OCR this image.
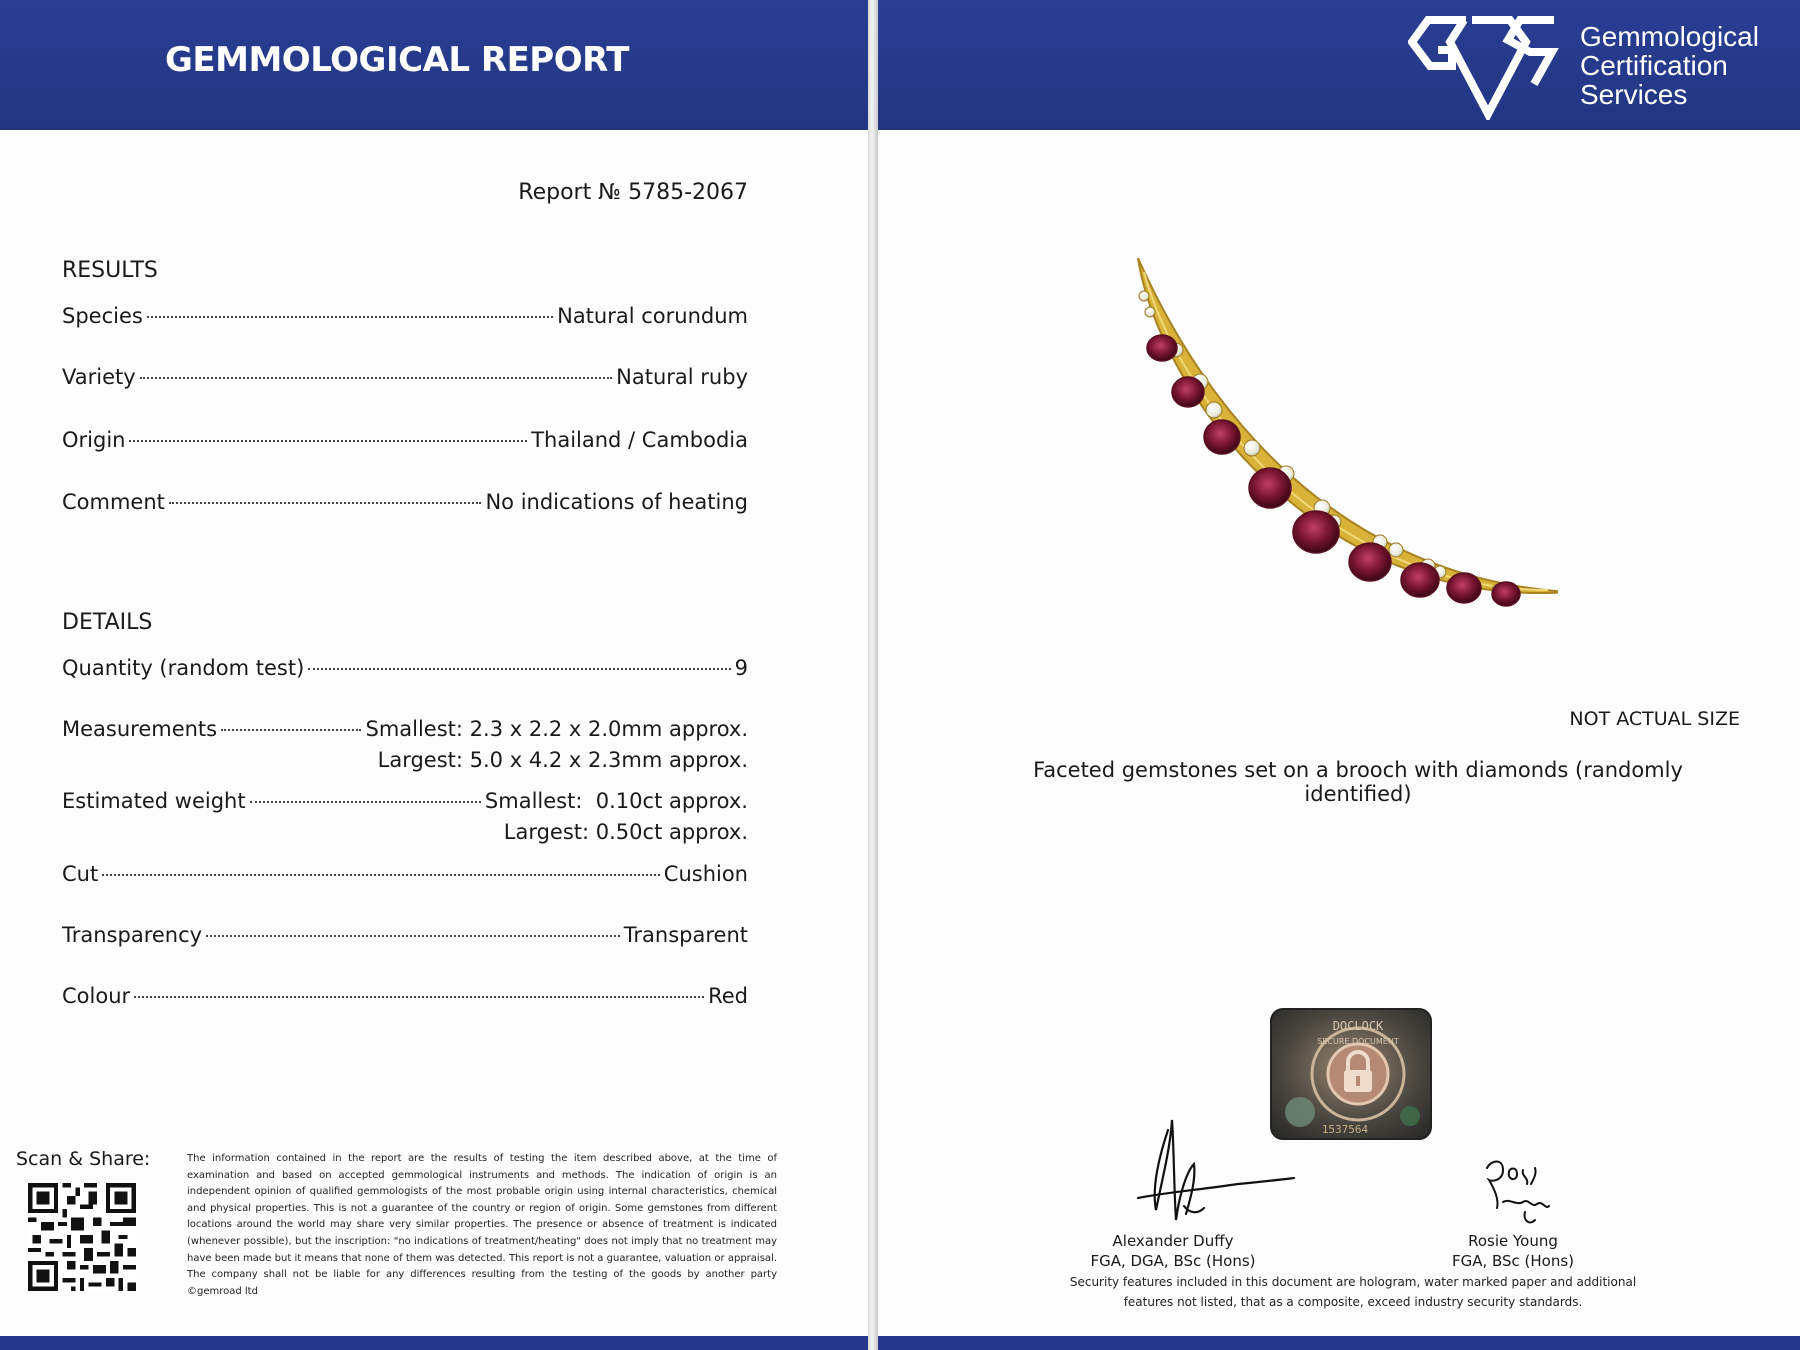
GEMMOLOGICAL REPORT
Report № 5785-2067
RESULTS
Species	Natural corundum
Variety	Natural ruby
Origin	Thailand / Cambodia
Comment	No indications of heating
DETAILS
Quantity (random test)	9
Measurements	Smallest: 2.3 x 2.2 x 2.0mm approx.
Largest: 5.0 x 4.2 x 2.3mm approx.
Estimated weight	Smallest:  0.10ct approx.
Largest: 0.50ct approx.
Cut	Cushion
Transparency	Transparent
Colour	Red
Scan & Share:	The information contained in the report are the results of testing the item described above, at the time of examination and based on accepted gemmological instruments and methods. The indication of origin is an independent opinion of qualified gemmologists of the most probable origin using internal characteristics, chemical and physical properties. This is not a guarantee of the country or region of origin. Some gemstones from different locations around the world may share very similar properties. The presence or absence of treatment is indicated (whenever possible), but the inscription: "no indications of treatment/heating" does not imply that no treatment may have been made but it means that none of them was detected. This report is not a guarantee, valuation or appraisal. The company shall not be liable for any differences resulting from the testing of the goods by another party ©gemroad ltd
Gemmological
Certification
Services
NOT ACTUAL SIZE
Faceted gemstones set on a brooch with diamonds (randomly identified)
DOCLOCK
SECURE DOCUMENT
1537564
Alexander Duffy
FGA, DGA, BSc (Hons)
Rosie Young
FGA, BSc (Hons)
Security features included in this document are hologram, water marked paper and additional features not listed, that as a composite, exceed industry security standards.
